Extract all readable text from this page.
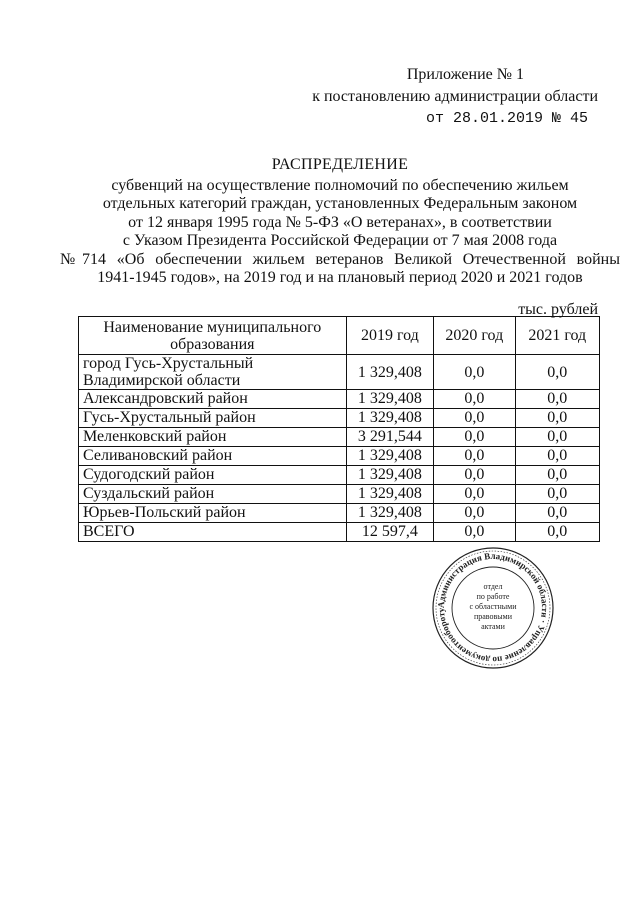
Приложение № 1
к постановлению администрации области
от 28.01.2019 № 45
РАСПРЕДЕЛЕНИЕ
субвенций на осуществление полномочий по обеспечению жильем
отдельных категорий граждан, установленных Федеральным законом
от 12 января 1995 года № 5-ФЗ «О ветеранах», в соответствии
с Указом Президента Российской Федерации от 7 мая 2008 года
№714 «Об обеспечении жильем ветеранов Великой Отечественной войны
1941-1945 годов», на 2019 год и на плановый период 2020 и 2021 годов
тыс. рублей
Наименование муниципального образования	2019 год	2020 год	2021 год
город Гусь-Хрустальный Владимирской области	1 329,408	0,0	0,0
Александровский район	1 329,408	0,0	0,0
Гусь-Хрустальный район	1 329,408	0,0	0,0
Меленковский район	3 291,544	0,0	0,0
Селивановский район	1 329,408	0,0	0,0
Судогодский район	1 329,408	0,0	0,0
Суздальский район	1 329,408	0,0	0,0
Юрьев-Польский район	1 329,408	0,0	0,0
ВСЕГО	12 597,4	0,0	0,0
Администрация Владимирской области · Управление по документообороту
отдел
по работе
с областными
правовыми
актами
